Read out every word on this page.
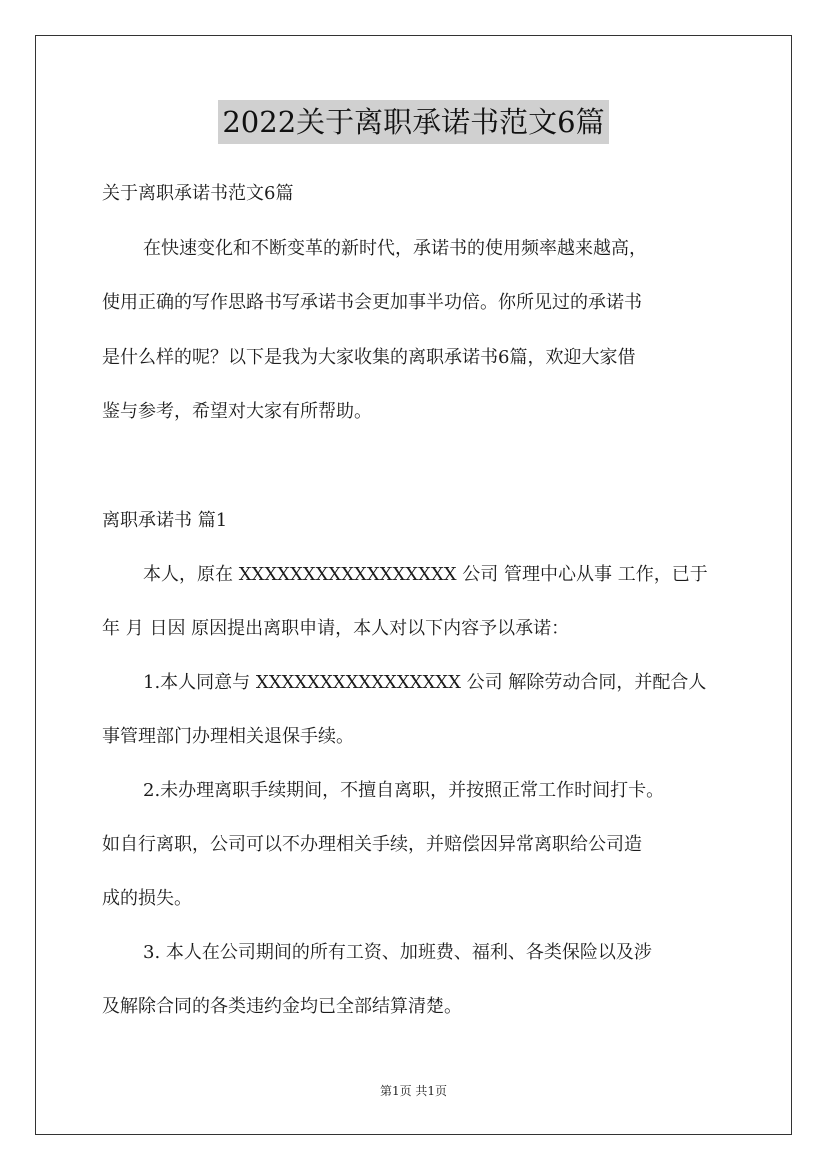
2022关于离职承诺书范文6篇
关于离职承诺书范文6篇
在快速变化和不断变革的新时代，承诺书的使用频率越来越高，
使用正确的写作思路书写承诺书会更加事半功倍。你所见过的承诺书
是什么样的呢？以下是我为大家收集的离职承诺书6篇，欢迎大家借
鉴与参考，希望对大家有所帮助。
离职承诺书 篇1
本人，原在 XXXXXXXXXXXXXXXXX 公司 管理中心从事 工作，已于
年 月 日因 原因提出离职申请，本人对以下内容予以承诺：
1.本人同意与 XXXXXXXXXXXXXXXX 公司 解除劳动合同，并配合人
事管理部门办理相关退保手续。
2.未办理离职手续期间，不擅自离职，并按照正常工作时间打卡。
如自行离职，公司可以不办理相关手续，并赔偿因异常离职给公司造
成的损失。
3. 本人在公司期间的所有工资、加班费、福利、各类保险以及涉
及解除合同的各类违约金均已全部结算清楚。
第1页 共1页
